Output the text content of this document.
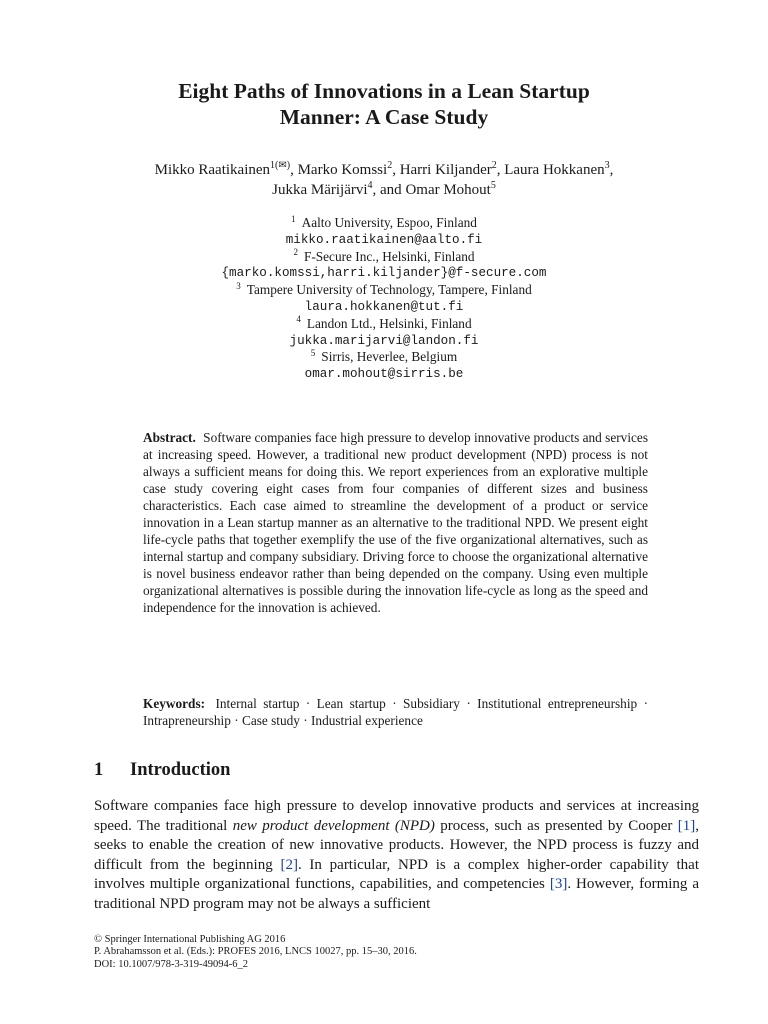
Eight Paths of Innovations in a Lean Startup
Manner: A Case Study
Mikko Raatikainen$^{1(✉)}$, Marko Komssi$^2$, Harri Kiljander$^2$, Laura Hokkanen$^3$,
Jukka Märijärvi$^4$, and Omar Mohout$^5$
$^1$ Aalto University, Espoo, Finland
mikko.raatikainen@aalto.fi
$^2$ F-Secure Inc., Helsinki, Finland
{marko.komssi,harri.kiljander}@f-secure.com
$^3$ Tampere University of Technology, Tampere, Finland
laura.hokkanen@tut.fi
$^4$ Landon Ltd., Helsinki, Finland
jukka.marijarvi@landon.fi
$^5$ Sirris, Heverlee, Belgium
omar.mohout@sirris.be

Abstract. Software companies face high pressure to develop innovative products and services at increasing speed. However, a traditional new product development (NPD) process is not always a sufficient means for doing this. We report experiences from an explorative multiple case study covering eight cases from four companies of different sizes and business characteristics. Each case aimed to streamline the development of a product or service innovation in a Lean startup manner as an alternative to the traditional NPD. We present eight life-cycle paths that together exemplify the use of the five organizational alternatives, such as internal startup and company subsidiary. Driving force to choose the organizational alternative is novel business endeavor rather than being depended on the company. Using even multiple organizational alternatives is possible during the innovation life-cycle as long as the speed and independence for the innovation is achieved.

Keywords: Internal startup · Lean startup · Subsidiary · Institutional entrepreneurship · Intrapreneurship · Case study · Industrial experience

1 Introduction

Software companies face high pressure to develop innovative products and services at increasing speed. The traditional new product development (NPD) process, such as presented by Cooper [1], seeks to enable the creation of new innovative products. However, the NPD process is fuzzy and difficult from the beginning [2]. In particular, NPD is a complex higher-order capability that involves multiple organizational functions, capabilities, and competencies [3]. However, forming a traditional NPD program may not be always a sufficient

© Springer International Publishing AG 2016
P. Abrahamsson et al. (Eds.): PROFES 2016, LNCS 10027, pp. 15–30, 2016.
DOI: 10.1007/978-3-319-49094-6_2
